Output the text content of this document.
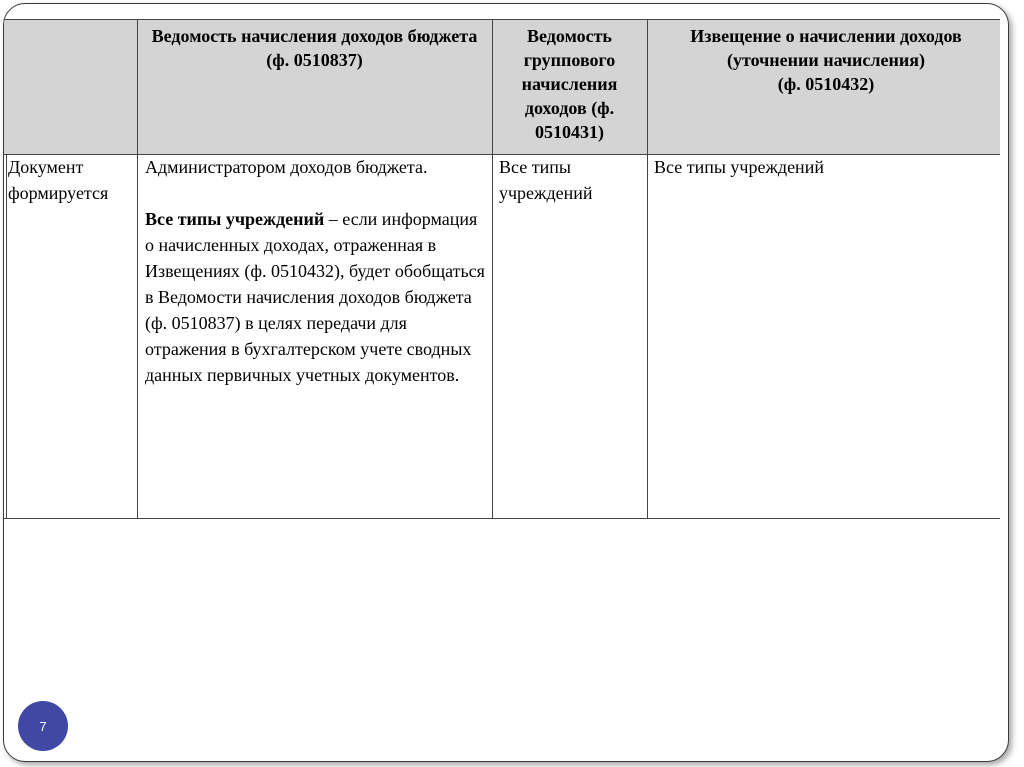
Ведомость начисления доходов бюджета
(ф. 0510837)
Ведомость группового начисления доходов (ф. 0510431)
Извещение о начислении доходов (уточнении начисления)
(ф. 0510432)
Документ формируется
Администратором доходов бюджета.
Все типы учреждений – если информация о начисленных доходах, отраженная в Извещениях (ф. 0510432), будет обобщаться в Ведомости начисления доходов бюджета (ф. 0510837) в целях передачи для отражения в бухгалтерском учете сводных данных первичных учетных документов.
Все типы учреждений
Все типы учреждений
7
